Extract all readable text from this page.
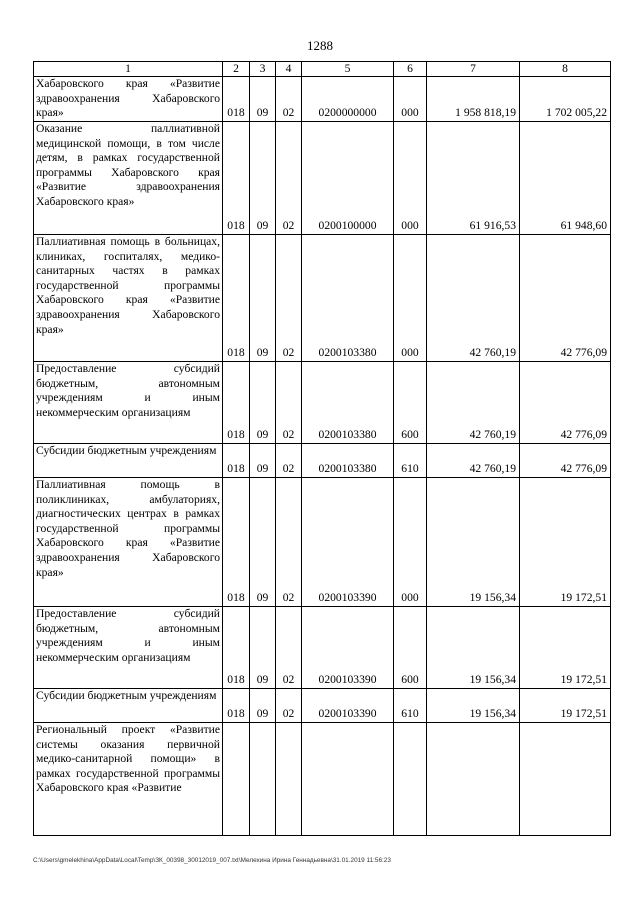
1288
1	2	3	4	5	6	7	8
Хабаровского края «Развитие здравоохранения Хабаровского края»	018	09	02	0200000000	000	1 958 818,19	1 702 005,22
Оказание паллиативной медицинской помощи, в том числе детям, в рамках государственной программы Хабаровского края «Развитие здравоохранения Хабаровского края»	018	09	02	0200100000	000	61 916,53	61 948,60
Паллиативная помощь в больницах, клиниках, госпиталях, медико-санитарных частях в рамках государственной программы Хабаровского края «Развитие здравоохранения Хабаровского края»	018	09	02	0200103380	000	42 760,19	42 776,09
Предоставление субсидий бюджетным, автономным учреждениям и иным некоммерческим организациям	018	09	02	0200103380	600	42 760,19	42 776,09
Субсидии бюджетным учреждениям	018	09	02	0200103380	610	42 760,19	42 776,09
Паллиативная помощь в поликлиниках, амбулаториях, диагностических центрах в рамках государственной программы Хабаровского края «Развитие здравоохранения Хабаровского края»	018	09	02	0200103390	000	19 156,34	19 172,51
Предоставление субсидий бюджетным, автономным учреждениям и иным некоммерческим организациям	018	09	02	0200103390	600	19 156,34	19 172,51
Субсидии бюджетным учреждениям	018	09	02	0200103390	610	19 156,34	19 172,51
Региональный проект «Развитие системы оказания первичной медико-санитарной помощи» в рамках государственной программы Хабаровского края «Развитие							
C:\Users\gmelekhina\AppData\Local\Temp\ЗК_00398_30012019_007.txt\Мелехина Ирина Геннадьевна\31.01.2019 11:56:23
